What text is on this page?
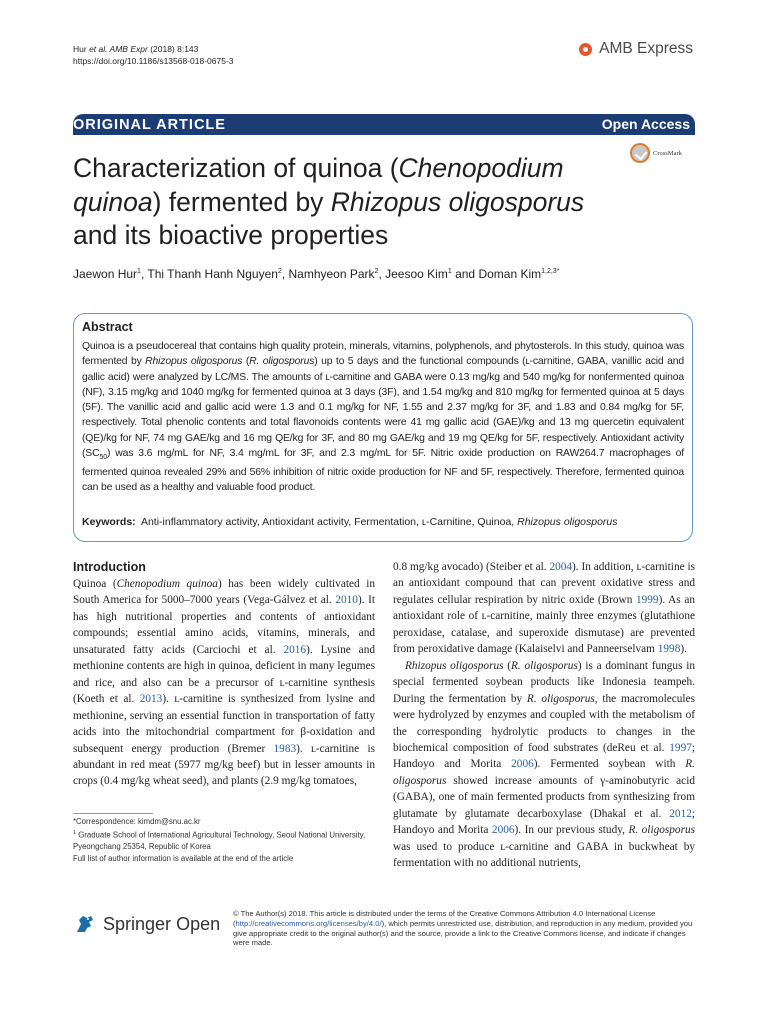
Hur et al. AMB Expr (2018) 8:143
https://doi.org/10.1186/s13568-018-0675-3
AMB Express
ORIGINAL ARTICLE	Open Access
Characterization of quinoa (Chenopodium quinoa) fermented by Rhizopus oligosporus and its bioactive properties
CrossMark
Jaewon Hur$^1$, Thi Thanh Hanh Nguyen$^2$, Namhyeon Park$^2$, Jeesoo Kim$^1$ and Doman Kim$^{1,2,3*}$
Abstract
Quinoa is a pseudocereal that contains high quality protein, minerals, vitamins, polyphenols, and phytosterols. In this study, quinoa was fermented by Rhizopus oligosporus (R. oligosporus) up to 5 days and the functional compounds (ʟ-carnitine, GABA, vanillic acid and gallic acid) were analyzed by LC/MS. The amounts of ʟ-carnitine and GABA were 0.13 mg/kg and 540 mg/kg for nonfermented quinoa (NF), 3.15 mg/kg and 1040 mg/kg for fermented quinoa at 3 days (3F), and 1.54 mg/kg and 810 mg/kg for fermented quinoa at 5 days (5F). The vanillic acid and gallic acid were 1.3 and 0.1 mg/kg for NF, 1.55 and 2.37 mg/kg for 3F, and 1.83 and 0.84 mg/kg for 5F, respectively. Total phenolic contents and total flavonoids contents were 41 mg gallic acid (GAE)/kg and 13 mg quercetin equivalent (QE)/kg for NF, 74 mg GAE/kg and 16 mg QE/kg for 3F, and 80 mg GAE/kg and 19 mg QE/kg for 5F, respectively. Antioxidant activity $(SC_{50})$ was 3.6 mg/mL for NF, 3.4 mg/mL for 3F, and 2.3 mg/mL for 5F. Nitric oxide production on RAW264.7 macrophages of fermented quinoa revealed 29% and 56% inhibition of nitric oxide production for NF and 5F, respectively. Therefore, fermented quinoa can be used as a healthy and valuable food product.
Keywords: Anti-inflammatory activity, Antioxidant activity, Fermentation, ʟ-Carnitine, Quinoa, Rhizopus oligosporus
Introduction

Quinoa (Chenopodium quinoa) has been widely cultivated in South America for 5000–7000 years (Vega-Gálvez et al. 2010). It has high nutritional properties and contents of antioxidant compounds; essential amino acids, vitamins, minerals, and unsaturated fatty acids (Carciochi et al. 2016). Lysine and methionine contents are high in quinoa, deficient in many legumes and rice, and also can be a precursor of ʟ-carnitine synthesis (Koeth et al. 2013). ʟ-carnitine is synthesized from lysine and methionine, serving an essential function in transportation of fatty acids into the mitochondrial compartment for β-oxidation and subsequent energy production (Bremer 1983). ʟ-carnitine is abundant in red meat (5977 mg/kg beef) but in lesser amounts in crops (0.4 mg/kg wheat seed), and plants (2.9 mg/kg tomatoes,

0.8 mg/kg avocado) (Steiber et al. 2004). In addition, ʟ-carnitine is an antioxidant compound that can prevent oxidative stress and regulates cellular respiration by nitric oxide (Brown 1999). As an antioxidant role of ʟ-carnitine, mainly three enzymes (glutathione peroxidase, catalase, and superoxide dismutase) are prevented from peroxidative damage (Kalaiselvi and Panneerselvam 1998).

Rhizopus oligosporus (R. oligosporus) is a dominant fungus in special fermented soybean products like Indonesia teampeh. During the fermentation by R. oligosporus, the macromolecules were hydrolyzed by enzymes and coupled with the metabolism of the corresponding hydrolytic products to changes in the biochemical composition of food substrates (deReu et al. 1997; Handoyo and Morita 2006). Fermented soybean with R. oligosporus showed increase amounts of γ-aminobutyric acid (GABA), one of main fermented products from synthesizing from glutamate by glutamate decarboxylase (Dhakal et al. 2012; Handoyo and Morita 2006). In our previous study, R. oligosporus was used to produce ʟ-carnitine and GABA in buckwheat by fermentation with no additional nutrients,

*Correspondence: kimdm@snu.ac.kr
$^1$ Graduate School of International Agricultural Technology, Seoul National University, Pyeongchang 25354, Republic of Korea
Full list of author information is available at the end of the article
Springer Open © The Author(s) 2018. This article is distributed under the terms of the Creative Commons Attribution 4.0 International License (http://creativecommons.org/licenses/by/4.0/), which permits unrestricted use, distribution, and reproduction in any medium, provided you give appropriate credit to the original author(s) and the source, provide a link to the Creative Commons license, and indicate if changes were made.
